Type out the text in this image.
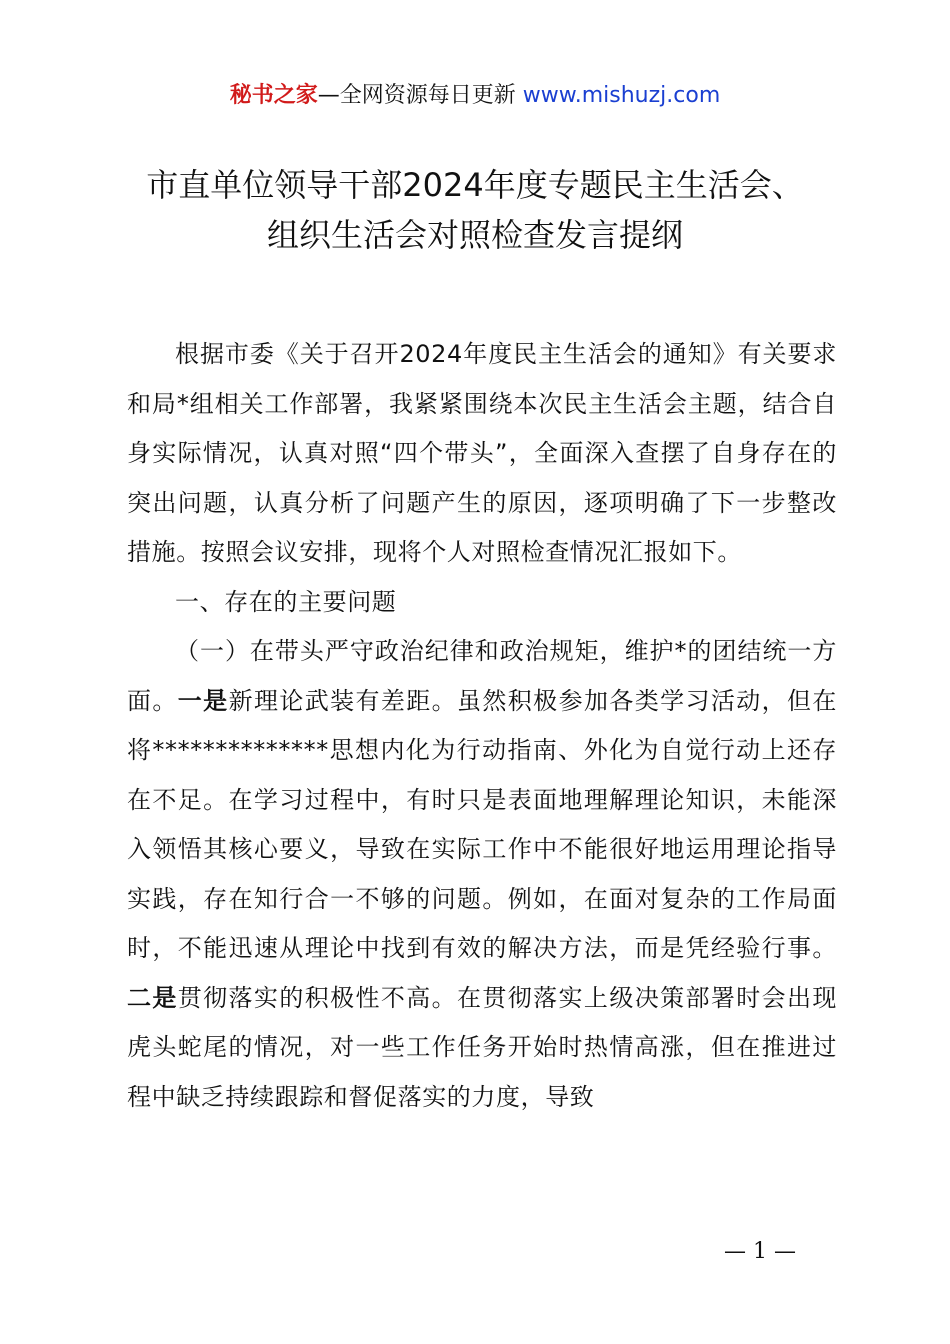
秘书之家—全网资源每日更新 www.mishuzj.com
市直单位领导干部2024年度专题民主生活会、
组织生活会对照检查发言提纲

根据市委《关于召开2024年度民主生活会的通知》有关要求和局*组相关工作部署，我紧紧围绕本次民主生活会主题，结合自身实际情况，认真对照“四个带头”，全面深入查摆了自身存在的突出问题，认真分析了问题产生的原因，逐项明确了下一步整改措施。按照会议安排，现将个人对照检查情况汇报如下。

一、存在的主要问题

（一）在带头严守政治纪律和政治规矩，维护*的团结统一方面。一是新理论武装有差距。虽然积极参加各类学习活动，但在将**************思想内化为行动指南、外化为自觉行动上还存在不足。在学习过程中，有时只是表面地理解理论知识，未能深入领悟其核心要义，导致在实际工作中不能很好地运用理论指导实践，存在知行合一不够的问题。例如，在面对复杂的工作局面时，不能迅速从理论中找到有效的解决方法，而是凭经验行事。二是贯彻落实的积极性不高。在贯彻落实上级决策部署时会出现虎头蛇尾的情况，对一些工作任务开始时热情高涨，但在推进过程中缺乏持续跟踪和督促落实的力度，导致

— 1 —
